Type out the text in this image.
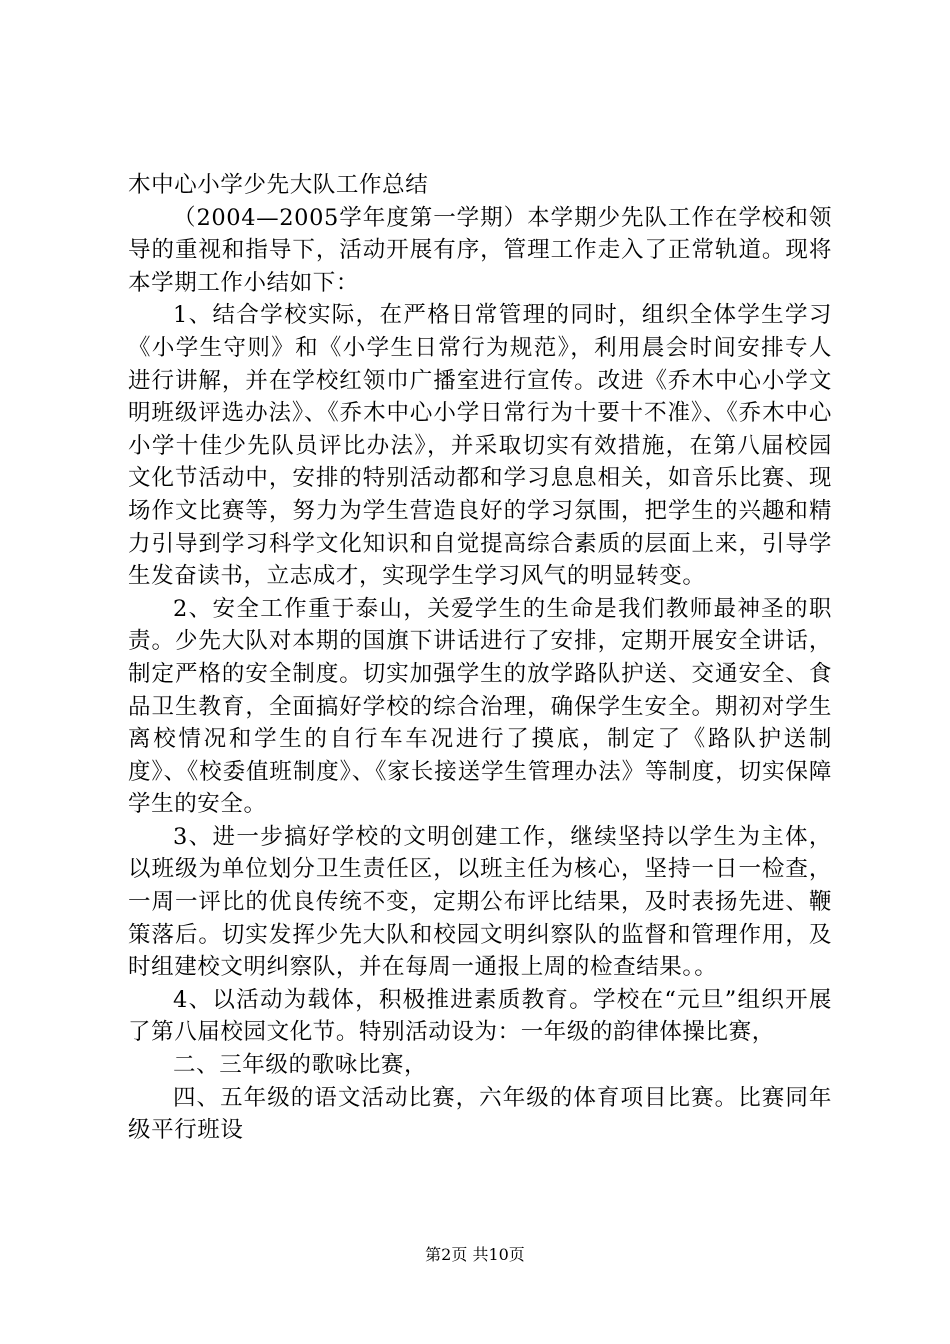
木中心小学少先大队工作总结

（2004—2005学年度第一学期）本学期少先队工作在学校和领导的重视和指导下，活动开展有序，管理工作走入了正常轨道。现将本学期工作小结如下：

1、结合学校实际，在严格日常管理的同时，组织全体学生学习《小学生守则》和《小学生日常行为规范》，利用晨会时间安排专人进行讲解，并在学校红领巾广播室进行宣传。改进《乔木中心小学文明班级评选办法》、《乔木中心小学日常行为十要十不准》、《乔木中心小学十佳少先队员评比办法》，并采取切实有效措施，在第八届校园文化节活动中，安排的特别活动都和学习息息相关，如音乐比赛、现场作文比赛等，努力为学生营造良好的学习氛围，把学生的兴趣和精力引导到学习科学文化知识和自觉提高综合素质的层面上来，引导学生发奋读书，立志成才，实现学生学习风气的明显转变。

2、安全工作重于泰山，关爱学生的生命是我们教师最神圣的职责。少先大队对本期的国旗下讲话进行了安排，定期开展安全讲话，制定严格的安全制度。切实加强学生的放学路队护送、交通安全、食品卫生教育，全面搞好学校的综合治理，确保学生安全。期初对学生离校情况和学生的自行车车况进行了摸底，制定了《路队护送制度》、《校委值班制度》、《家长接送学生管理办法》等制度，切实保障学生的安全。

3、进一步搞好学校的文明创建工作，继续坚持以学生为主体，以班级为单位划分卫生责任区，以班主任为核心，坚持一日一检查，一周一评比的优良传统不变，定期公布评比结果，及时表扬先进、鞭策落后。切实发挥少先大队和校园文明纠察队的监督和管理作用，及时组建校文明纠察队，并在每周一通报上周的检查结果。。

4、以活动为载体，积极推进素质教育。学校在“元旦”组织开展了第八届校园文化节。特别活动设为：一年级的韵律体操比赛，

二、三年级的歌咏比赛，

四、五年级的语文活动比赛，六年级的体育项目比赛。比赛同年级平行班设

第2页 共10页
